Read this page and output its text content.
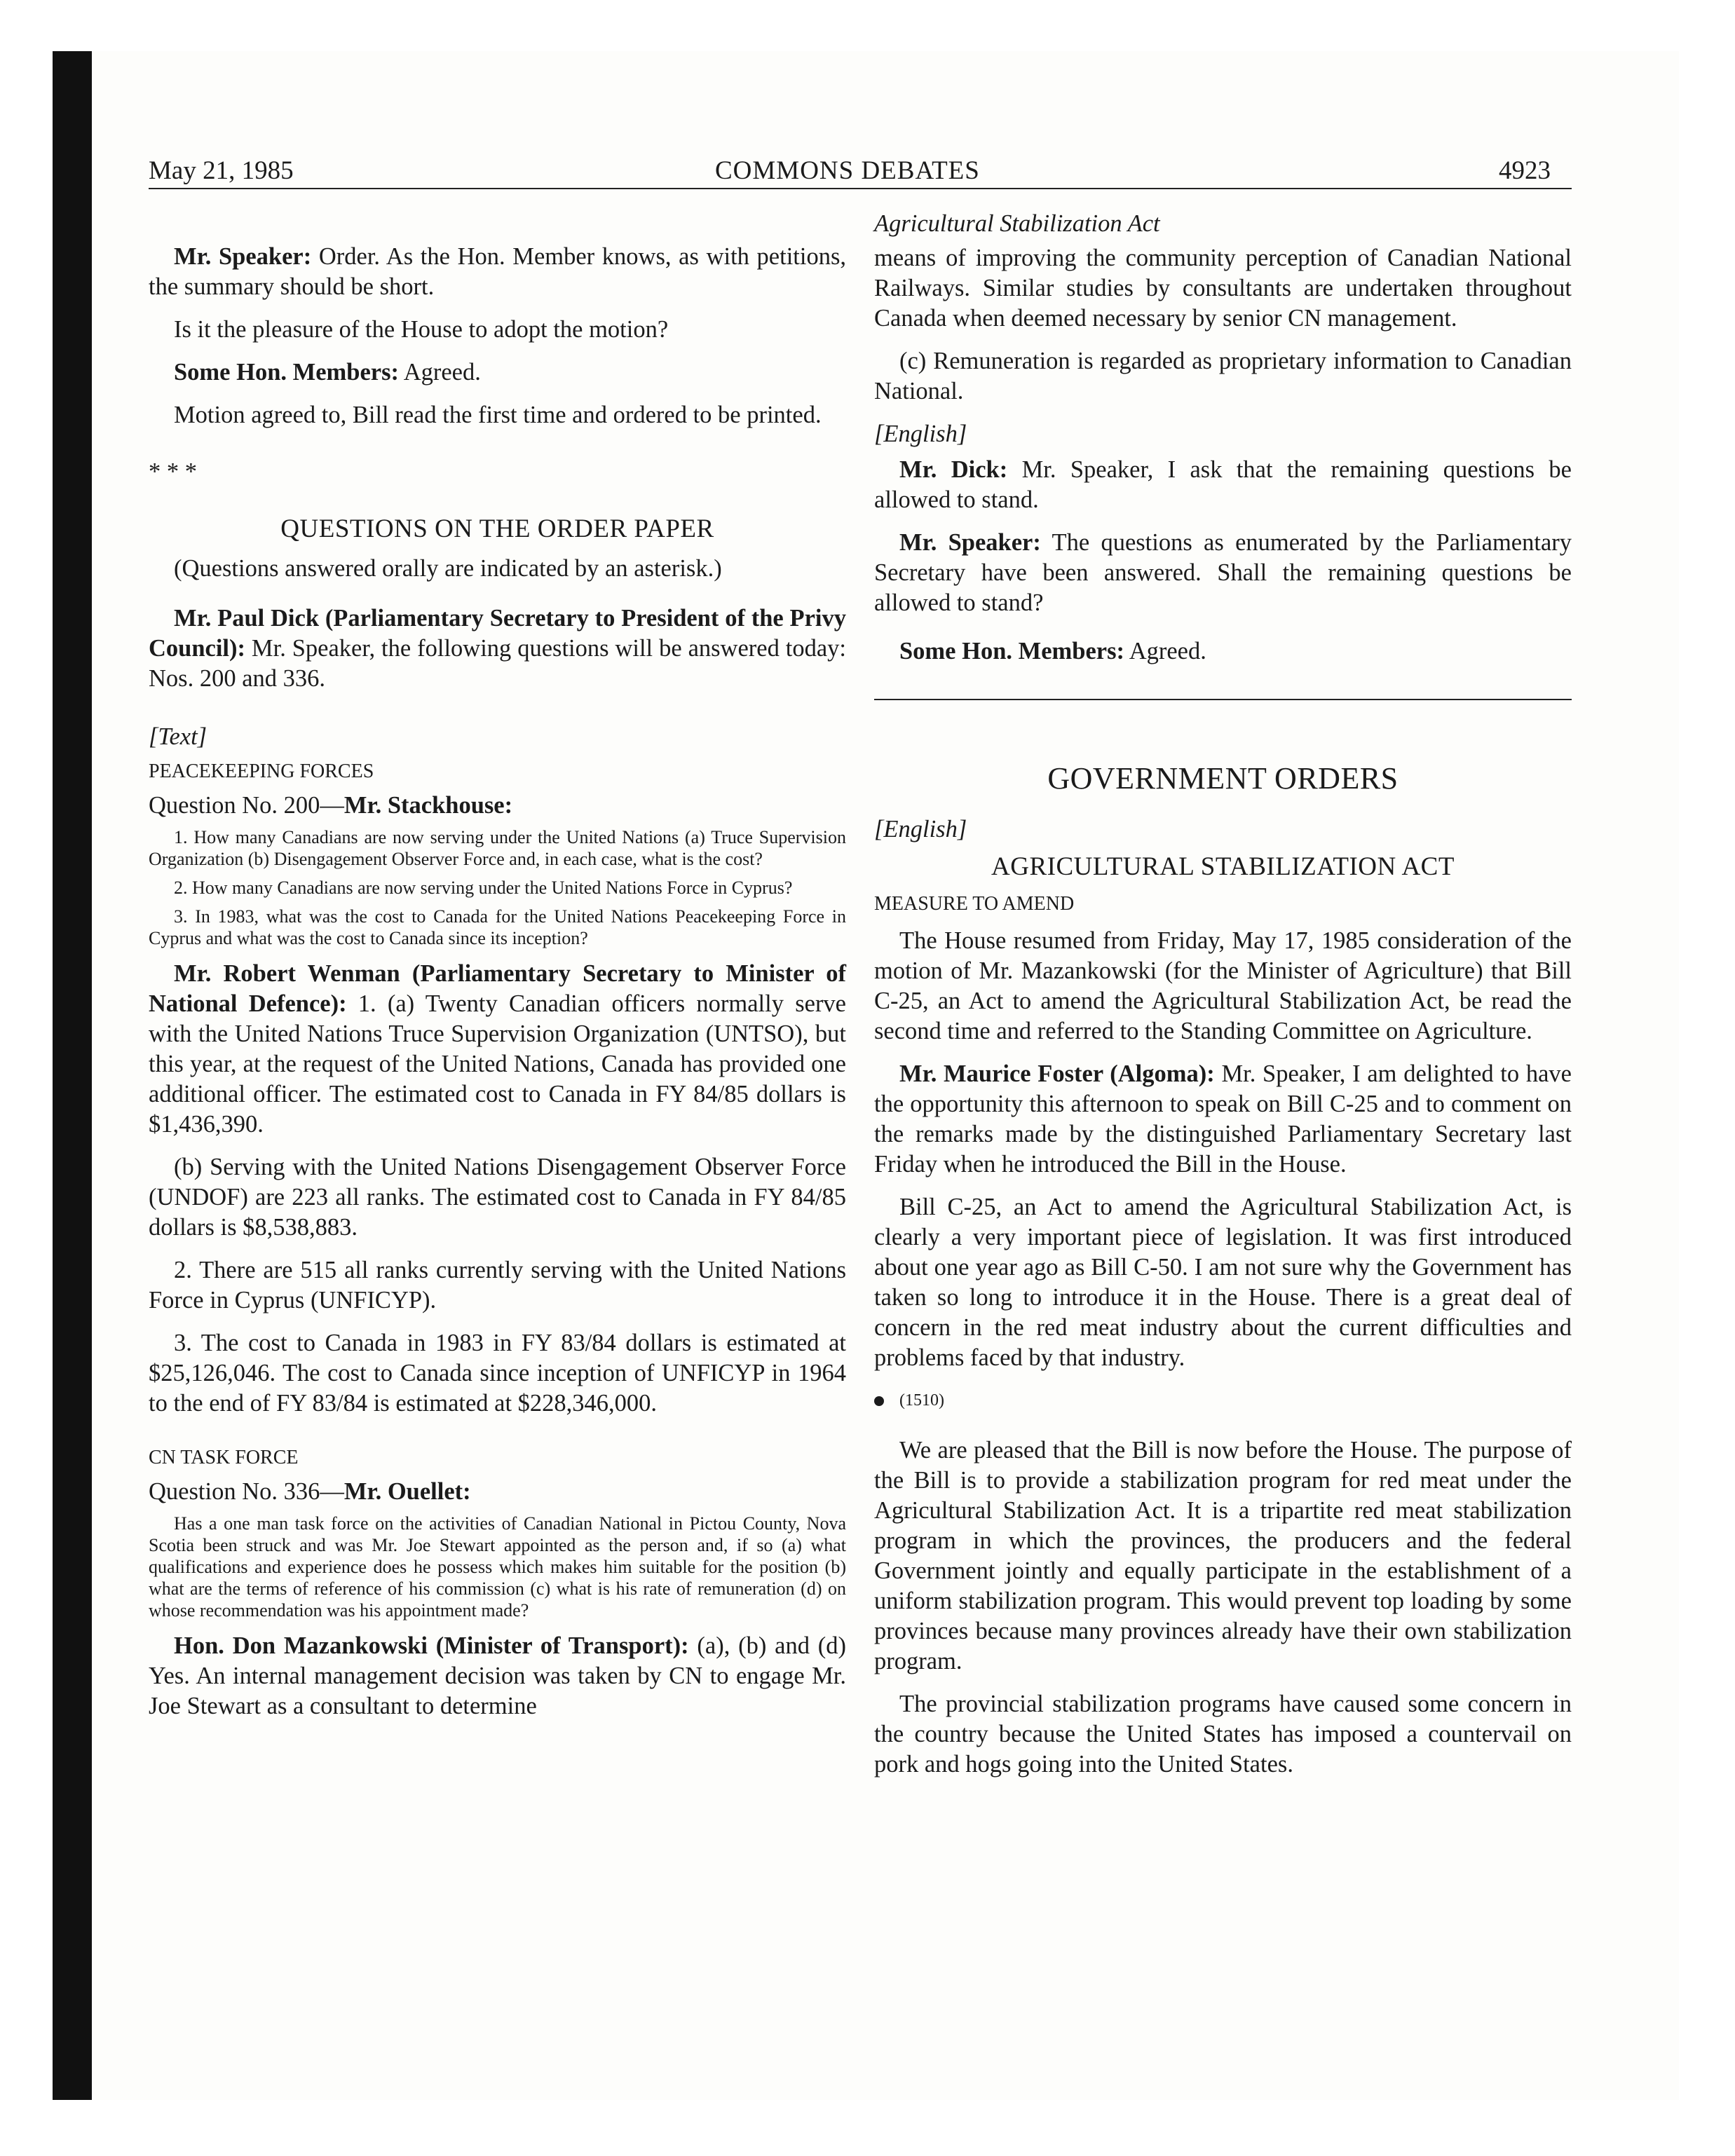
May 21, 1985	COMMONS DEBATES	4923

Mr. Speaker: Order. As the Hon. Member knows, as with petitions, the summary should be short.

Is it the pleasure of the House to adopt the motion?

Some Hon. Members: Agreed.

Motion agreed to, Bill read the first time and ordered to be printed.

* * *

QUESTIONS ON THE ORDER PAPER

(Questions answered orally are indicated by an asterisk.)

Mr. Paul Dick (Parliamentary Secretary to President of the Privy Council): Mr. Speaker, the following questions will be answered today: Nos. 200 and 336.

[Text]

PEACEKEEPING FORCES

Question No. 200—Mr. Stackhouse:

1. How many Canadians are now serving under the United Nations (a) Truce Supervision Organization (b) Disengagement Observer Force and, in each case, what is the cost?

2. How many Canadians are now serving under the United Nations Force in Cyprus?

3. In 1983, what was the cost to Canada for the United Nations Peacekeeping Force in Cyprus and what was the cost to Canada since its inception?

Mr. Robert Wenman (Parliamentary Secretary to Minister of National Defence): 1. (a) Twenty Canadian officers normally serve with the United Nations Truce Supervision Organization (UNTSO), but this year, at the request of the United Nations, Canada has provided one additional officer. The estimated cost to Canada in FY 84/85 dollars is $1,436,390.

(b) Serving with the United Nations Disengagement Observer Force (UNDOF) are 223 all ranks. The estimated cost to Canada in FY 84/85 dollars is $8,538,883.

2. There are 515 all ranks currently serving with the United Nations Force in Cyprus (UNFICYP).

3. The cost to Canada in 1983 in FY 83/84 dollars is estimated at $25,126,046. The cost to Canada since inception of UNFICYP in 1964 to the end of FY 83/84 is estimated at $228,346,000.

CN TASK FORCE

Question No. 336—Mr. Ouellet:

Has a one man task force on the activities of Canadian National in Pictou County, Nova Scotia been struck and was Mr. Joe Stewart appointed as the person and, if so (a) what qualifications and experience does he possess which makes him suitable for the position (b) what are the terms of reference of his commission (c) what is his rate of remuneration (d) on whose recommendation was his appointment made?

Hon. Don Mazankowski (Minister of Transport): (a), (b) and (d) Yes. An internal management decision was taken by CN to engage Mr. Joe Stewart as a consultant to determine

Agricultural Stabilization Act

means of improving the community perception of Canadian National Railways. Similar studies by consultants are undertaken throughout Canada when deemed necessary by senior CN management.

(c) Remuneration is regarded as proprietary information to Canadian National.

[English]

Mr. Dick: Mr. Speaker, I ask that the remaining questions be allowed to stand.

Mr. Speaker: The questions as enumerated by the Parliamentary Secretary have been answered. Shall the remaining questions be allowed to stand?

Some Hon. Members: Agreed.

GOVERNMENT ORDERS

[English]

AGRICULTURAL STABILIZATION ACT

MEASURE TO AMEND

The House resumed from Friday, May 17, 1985 consideration of the motion of Mr. Mazankowski (for the Minister of Agriculture) that Bill C-25, an Act to amend the Agricultural Stabilization Act, be read the second time and referred to the Standing Committee on Agriculture.

Mr. Maurice Foster (Algoma): Mr. Speaker, I am delighted to have the opportunity this afternoon to speak on Bill C-25 and to comment on the remarks made by the distinguished Parliamentary Secretary last Friday when he introduced the Bill in the House.

Bill C-25, an Act to amend the Agricultural Stabilization Act, is clearly a very important piece of legislation. It was first introduced about one year ago as Bill C-50. I am not sure why the Government has taken so long to introduce it in the House. There is a great deal of concern in the red meat industry about the current difficulties and problems faced by that industry.

(1510)

We are pleased that the Bill is now before the House. The purpose of the Bill is to provide a stabilization program for red meat under the Agricultural Stabilization Act. It is a tripartite red meat stabilization program in which the provinces, the producers and the federal Government jointly and equally participate in the establishment of a uniform stabilization program. This would prevent top loading by some provinces because many provinces already have their own stabilization program.

The provincial stabilization programs have caused some concern in the country because the United States has imposed a countervail on pork and hogs going into the United States.
